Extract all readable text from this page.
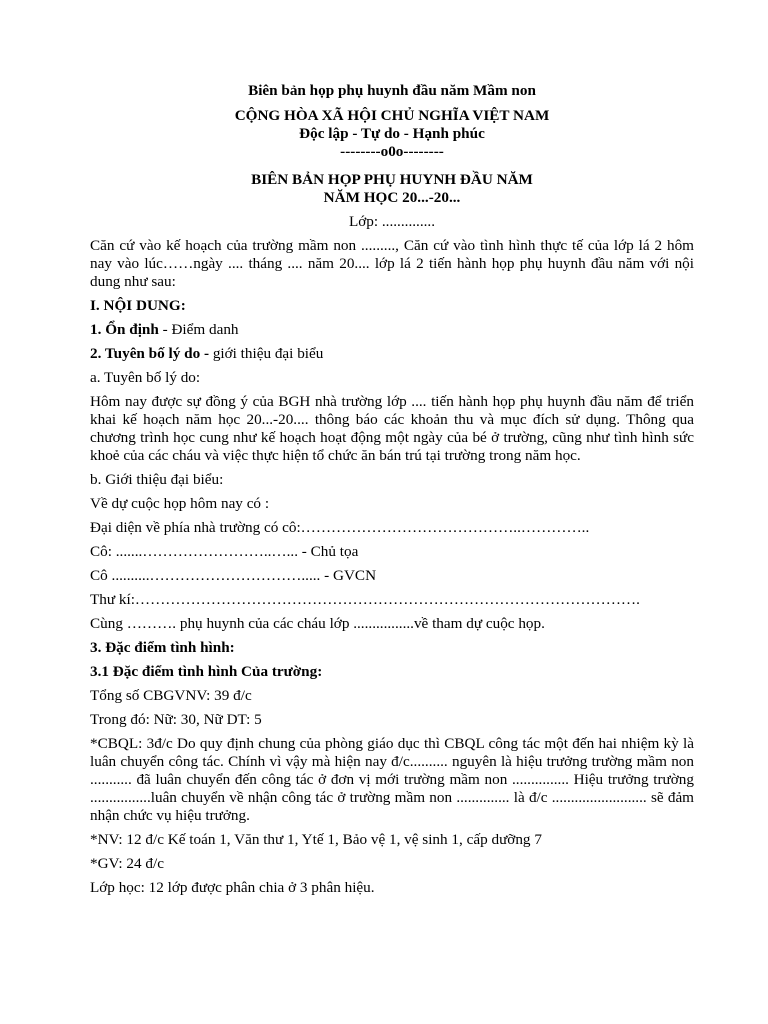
Biên bản họp phụ huynh đầu năm Mầm non
CỘNG HÒA XÃ HỘI CHỦ NGHĨA VIỆT NAM
Độc lập - Tự do - Hạnh phúc
--------o0o--------
BIÊN BẢN HỌP PHỤ HUYNH ĐẦU NĂM
NĂM HỌC 20...-20...
Lớp: ..............

Căn cứ vào kế hoạch của trường mầm non ........., Căn cứ vào tình hình thực tế của lớp lá 2 hôm nay vào lúc……ngày .... tháng .... năm 20.... lớp lá 2 tiến hành họp phụ huynh đầu năm với nội dung như sau:

I. NỘI DUNG:

1. Ổn định - Điểm danh

2. Tuyên bố lý do - giới thiệu đại biểu

a. Tuyên bố lý do:

Hôm nay được sự đồng ý của BGH nhà trường lớp .... tiến hành họp phụ huynh đầu năm để triển khai kế hoạch năm học 20...-20.... thông báo các khoản thu và mục đích sử dụng. Thông qua chương trình học cung như kế hoạch hoạt động một ngày của bé ở trường, cũng như tình hình sức khoẻ của các cháu và việc thực hiện tổ chức ăn bán trú tại trường trong năm học.

b. Giới thiệu đại biểu:

Về dự cuộc họp hôm nay có :

Đại diện về phía nhà trường có cô:……………………………………..…………..

Cô: .......……………………..…... - Chủ tọa

Cô ..........…………………………..... - GVCN

Thư kí:……………………………………………………………………………………….

Cùng ………. phụ huynh của các cháu lớp ................về tham dự cuộc họp.

3. Đặc điểm tình hình:

3.1 Đặc điểm tình hình Của trường:

Tổng số CBGVNV: 39 đ/c

Trong đó: Nữ: 30, Nữ DT: 5

*CBQL: 3đ/c Do quy định chung của phòng giáo dục thì CBQL công tác một đến hai nhiệm kỳ là luân chuyển công tác. Chính vì vậy mà hiện nay đ/c.......... nguyên là hiệu trưởng trường mầm non ........... đã luân chuyển đến công tác ở đơn vị mới trường mầm non ............... Hiệu trưởng trường ................luân chuyển về nhận công tác ở trường mầm non .............. là đ/c ......................... sẽ đảm nhận chức vụ hiệu trưởng.

*NV: 12 đ/c Kế toán 1, Văn thư 1, Ytế 1, Bảo vệ 1, vệ sinh 1, cấp dưỡng 7

*GV: 24 đ/c

Lớp học: 12 lớp được phân chia ở 3 phân hiệu.
